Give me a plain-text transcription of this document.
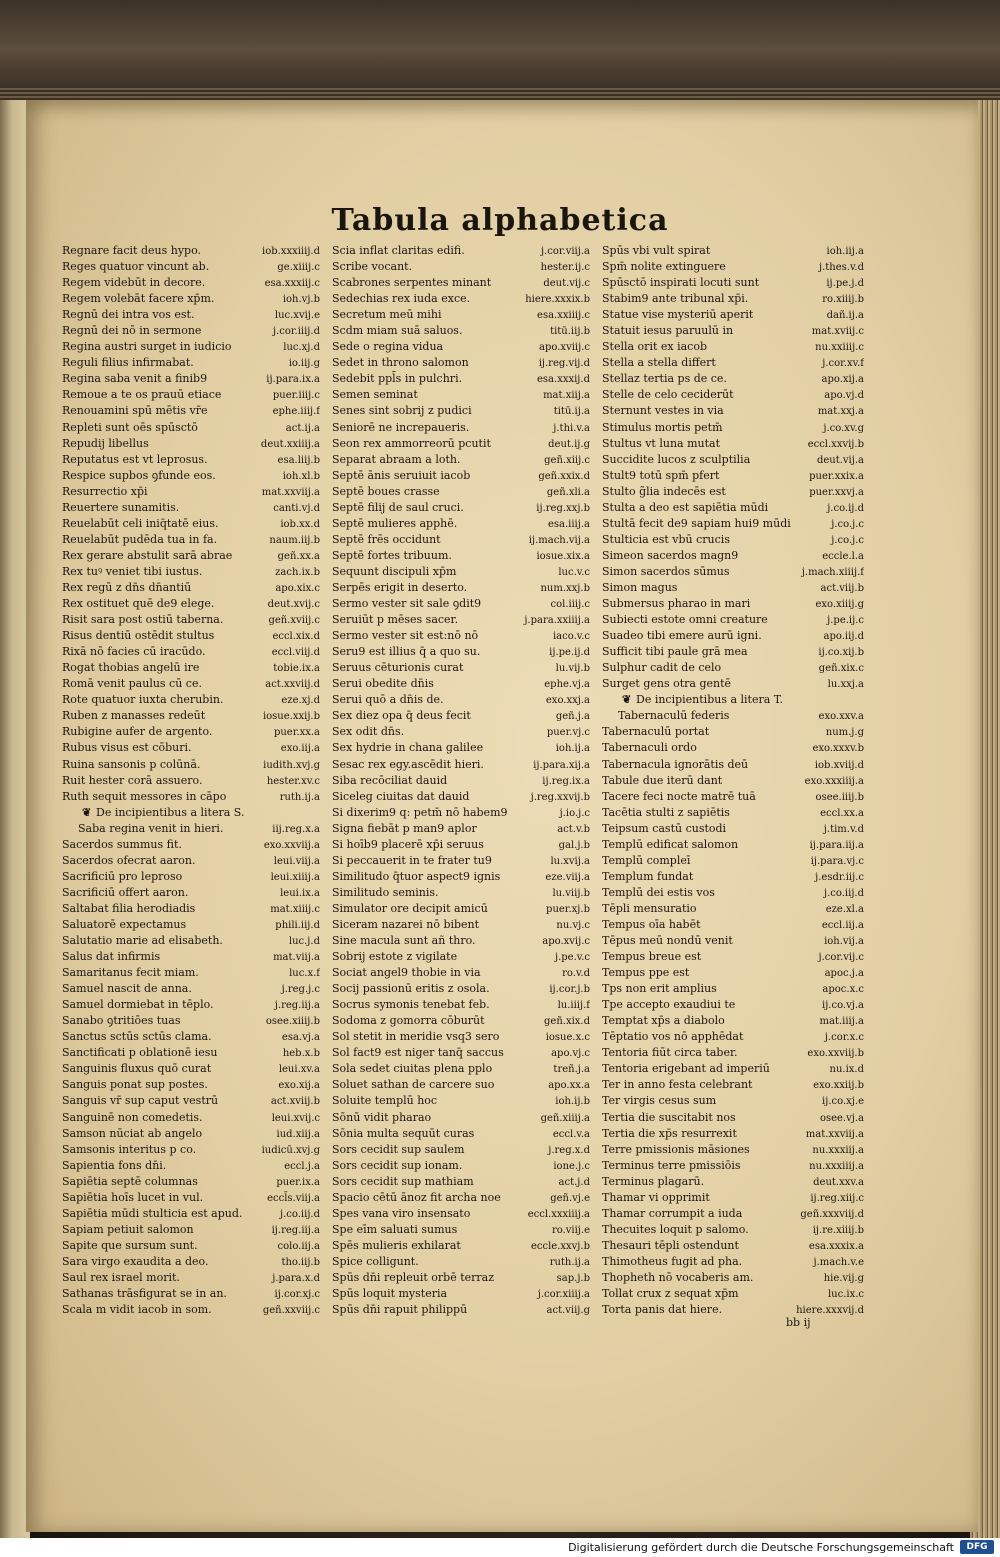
Tabula alphabetica
Regnare facit deus hypo.	iob.xxxiiij.d
Reges quatuor vincunt ab.	ge.xiiij.c
Regem videbūt in decore.	esa.xxxiij.c
Regem volebāt facere xp̄m.	ioh.vj.b
Regnū dei intra vos est.	luc.xvij.e
Regnū dei nō in sermone	j.cor.iiij.d
Regina austri surget in iudicio	luc.xj.d
Reguli filius infirmabat.	io.iij.g
Regina saba venit a finib9	ij.para.ix.a
Remoue a te os prauū etiace	puer.iiij.c
Renouamini spū mētis vr̄e	ephe.iiij.f
Repleti sunt oēs spūsctō	act.ij.a
Repudij libellus	deut.xxiiij.a
Reputatus est vt leprosus.	esa.liij.b
Respice supbos ꝯfunde eos.	ioh.xl.b
Resurrectio xp̄i	mat.xxviij.a
Reuertere sunamitis.	canti.vj.d
Reuelabūt celi iniq̄tatē eius.	iob.xx.d
Reuelabūt pudēda tua in fa.	naum.iij.b
Rex gerare abstulit sarā abrae	geñ.xx.a
Rex tuꝰ veniet tibi iustus.	zach.ix.b
Rex regū z dn̄s dn̄antiū	apo.xix.c
Rex ostituet quē de9 elege.	deut.xvij.c
Risit sara post ostiū taberna.	geñ.xviij.c
Risus dentiū ostēdit stultus	eccl.xix.d
Rixā nō facies cū iracūdo.	eccl.viij.d
Rogat thobias angelū ire	tobie.ix.a
Romā venit paulus cū ce.	act.xxviij.d
Rote quatuor iuxta cherubin.	eze.xj.d
Ruben z manasses redeūt	iosue.xxij.b
Rubigine aufer de argento.	puer.xx.a
Rubus visus est cōburi.	exo.iij.a
Ruina sansonis p colūnā.	iudith.xvj.g
Ruit hester corā assuero.	hester.xv.c
Ruth sequit messores in cāpo	ruth.ij.a
❦ De incipientibus a litera S.
Saba regina venit in hieri.	iij.reg.x.a
Sacerdos summus fit.	exo.xxviij.a
Sacerdos ofecrat aaron.	leui.viij.a
Sacrificiū pro leproso	leui.xiiij.a
Sacrificiū offert aaron.	leui.ix.a
Saltabat filia herodiadis	mat.xiiij.c
Saluatorē expectamus	phili.iij.d
Salutatio marie ad elisabeth.	luc.j.d
Salus dat infirmis	mat.viij.a
Samaritanus fecit miam.	luc.x.f
Samuel nascit de anna.	j.reg.j.c
Samuel dormiebat in tēplo.	j.reg.iij.a
Sanabo ꝯtritiōes tuas	osee.xiiij.b
Sanctus sctūs sctūs clama.	esa.vj.a
Sanctificati p oblationē iesu	heb.x.b
Sanguinis fluxus quō curat	leui.xv.a
Sanguis ponat sup postes.	exo.xij.a
Sanguis vr̄ sup caput vestrū	act.xviij.b
Sanguinē non comedetis.	leui.xvij.c
Samson nūciat ab angelo	iud.xiij.a
Samsonis interitus p co.	iudicū.xvj.g
Sapientia fons dn̄i.	eccl.j.a
Sapiētia septē columnas	puer.ix.a
Sapiētia hoīs lucet in vul.	eccl̄s.viij.a
Sapiētia mūdi stulticia est apud.	j.co.iij.d
Sapiam petiuit salomon	ij.reg.iij.a
Sapite que sursum sunt.	colo.iij.a
Sara virgo exaudita a deo.	tho.iij.b
Saul rex israel morit.	j.para.x.d
Sathanas trāsfigurat se in an.	ij.cor.xj.c
Scala m vidit iacob in som.	geñ.xxviij.c
Scia inflat claritas edifi.	j.cor.viij.a
Scribe vocant.	hester.ij.c
Scabrones serpentes minant	deut.vij.c
Sedechias rex iuda exce.	hiere.xxxix.b
Secretum meū mihi	esa.xxiiij.c
Scdm miam suā saluos.	titū.iij.b
Sede o regina vidua	apo.xviij.c
Sedet in throno salomon	ij.reg.vij.d
Sedebit ppl̄s in pulchri.	esa.xxxij.d
Semen seminat	mat.xiij.a
Senes sint sobrij z pudici	titū.ij.a
Seniorē ne increpaueris.	j.thi.v.a
Seon rex ammorreorū pcutit	deut.ij.g
Separat abraam a loth.	geñ.xiij.c
Septē ānis seruiuit iacob	geñ.xxix.d
Septē boues crasse	geñ.xli.a
Septē filij de saul cruci.	ij.reg.xxj.b
Septē mulieres apphē.	esa.iiij.a
Septē frēs occidunt	ij.mach.vij.a
Septē fortes tribuum.	iosue.xix.a
Sequunt discipuli xp̄m	luc.v.c
Serpēs erigit in deserto.	num.xxj.b
Sermo vester sit sale ꝯdit9	col.iiij.c
Seruiūt p mēses sacer.	j.para.xxiiij.a
Sermo vester sit est:nō nō	iaco.v.c
Seru9 est illius q̄ a quo su.	ij.pe.ij.d
Seruus cēturionis curat	lu.vij.b
Serui obedite dn̄is	ephe.vj.a
Serui quō a dn̄is de.	exo.xxj.a
Sex diez opa q̄ deus fecit	geñ.j.a
Sex odit dn̄s.	puer.vj.c
Sex hydrie in chana galilee	ioh.ij.a
Sesac rex egy.ascēdit hieri.	ij.para.xij.a
Siba recōciliat dauid	ij.reg.ix.a
Siceleg ciuitas dat dauid	j.reg.xxvij.b
Si dixerim9 q: petm̄ nō habem9	j.io.j.c
Signa fiebāt p man9 aplor	act.v.b
Si hoīb9 placerē xp̄i seruus	gal.j.b
Si peccauerit in te frater tu9	lu.xvij.a
Similitudo q̄tuor aspect9 ignis	eze.viij.a
Similitudo seminis.	lu.viij.b
Simulator ore decipit amicū	puer.xj.b
Siceram nazarei nō bibent	nu.vj.c
Sine macula sunt añ thro.	apo.xvij.c
Sobrij estote z vigilate	j.pe.v.c
Sociat angel9 thobie in via	ro.v.d
Socij passionū eritis z osola.	ij.cor.j.b
Socrus symonis tenebat feb.	lu.iiij.f
Sodoma z gomorra cōburūt	geñ.xix.d
Sol stetit in meridie vsq3 sero	iosue.x.c
Sol fact9 est niger tanq̄ saccus	apo.vj.c
Sola sedet ciuitas plena pplo	treñ.j.a
Soluet sathan de carcere suo	apo.xx.a
Soluite templū hoc	ioh.ij.b
Sōnū vidit pharao	geñ.xiiij.a
Sōnia multa sequūt curas	eccl.v.a
Sors cecidit sup saulem	j.reg.x.d
Sors cecidit sup ionam.	ione.j.c
Sors cecidit sup mathiam	act.j.d
Spacio cētū ānoz fit archa noe	geñ.vj.e
Spes vana viro insensato	eccl.xxxiiij.a
Spe eīm saluati sumus	ro.viij.e
Spēs mulieris exhilarat	eccle.xxvj.b
Spice colligunt.	ruth.ij.a
Spūs dn̄i repleuit orbē terraz	sap.j.b
Spūs loquit mysteria	j.cor.xiiij.a
Spūs dn̄i rapuit philippū	act.viij.g
Spūs vbi vult spirat	ioh.iij.a
Spm̄ nolite extinguere	j.thes.v.d
Spūsctō inspirati locuti sunt	ij.pe.j.d
Stabim9 ante tribunal xp̄i.	ro.xiiij.b
Statue vise mysteriū aperit	dañ.ij.a
Statuit iesus paruulū in	mat.xviij.c
Stella orit ex iacob	nu.xxiiij.c
Stella a stella differt	j.cor.xv.f
Stellaz tertia ps de ce.	apo.xij.a
Stelle de celo ceciderūt	apo.vj.d
Sternunt vestes in via	mat.xxj.a
Stimulus mortis petm̄	j.co.xv.g
Stultus vt luna mutat	eccl.xxvij.b
Succidite lucos z sculptilia	deut.vij.a
Stult9 totū spm̄ pfert	puer.xxix.a
Stulto g̃lia indecēs est	puer.xxvj.a
Stulta a deo est sapiētia mūdi	j.co.ij.d
Stultā fecit de9 sapiam hui9 mūdi	j.co.j.c
Stulticia est vbū crucis	j.co.j.c
Simeon sacerdos magn9	eccle.l.a
Simon sacerdos sūmus	j.mach.xiiij.f
Simon magus	act.viij.b
Submersus pharao in mari	exo.xiiij.g
Subiecti estote omni creature	j.pe.ij.c
Suadeo tibi emere aurū igni.	apo.iij.d
Sufficit tibi paule grā mea	ij.co.xij.b
Sulphur cadit de celo	geñ.xix.c
Surget gens otra gentē	lu.xxj.a
❦ De incipientibus a litera T.
Tabernaculū federis	exo.xxv.a
Tabernaculū portat	num.j.g
Tabernaculi ordo	exo.xxxv.b
Tabernacula ignorātis deū	iob.xviij.d
Tabule due iterū dant	exo.xxxiiij.a
Tacere feci nocte matrē tuā	osee.iiij.b
Tacētia stulti z sapiētis	eccl.xx.a
Teipsum castū custodi	j.tim.v.d
Templū edificat salomon	ij.para.iij.a
Templū compleī	ij.para.vj.c
Templum fundat	j.esdr.iij.c
Templū dei estis vos	j.co.iij.d
Tēpli mensuratio	eze.xl.a
Tempus oīa habēt	eccl.iij.a
Tēpus meū nondū venit	ioh.vij.a
Tempus breue est	j.cor.vij.c
Tempus ppe est	apoc.j.a
Tps non erit amplius	apoc.x.c
Tpe accepto exaudiui te	ij.co.vj.a
Temptat xp̄s a diabolo	mat.iiij.a
Tēptatio vos nō apphēdat	j.cor.x.c
Tentoria fiūt circa taber.	exo.xxviij.b
Tentoria erigebant ad imperiū	nu.ix.d
Ter in anno festa celebrant	exo.xxiij.b
Ter virgis cesus sum	ij.co.xj.e
Tertia die suscitabit nos	osee.vj.a
Tertia die xp̄s resurrexit	mat.xxviij.a
Terre pmissionis māsiones	nu.xxxiij.a
Terminus terre pmissiōis	nu.xxxiiij.a
Terminus plagarū.	deut.xxv.a
Thamar vi opprimit	ij.reg.xiij.c
Thamar corrumpit a iuda	geñ.xxxviij.d
Thecuites loquit p salomo.	ij.re.xiiij.b
Thesauri tēpli ostendunt	esa.xxxix.a
Thimotheus fugit ad pha.	j.mach.v.e
Thopheth nō vocaberis am.	hie.vij.g
Tollat crux z sequat xp̄m	luc.ix.c
Torta panis dat hiere.	hiere.xxxvij.d
bb ij
Digitalisierung gefördert durch die Deutsche Forschungsgemeinschaft	DFG
